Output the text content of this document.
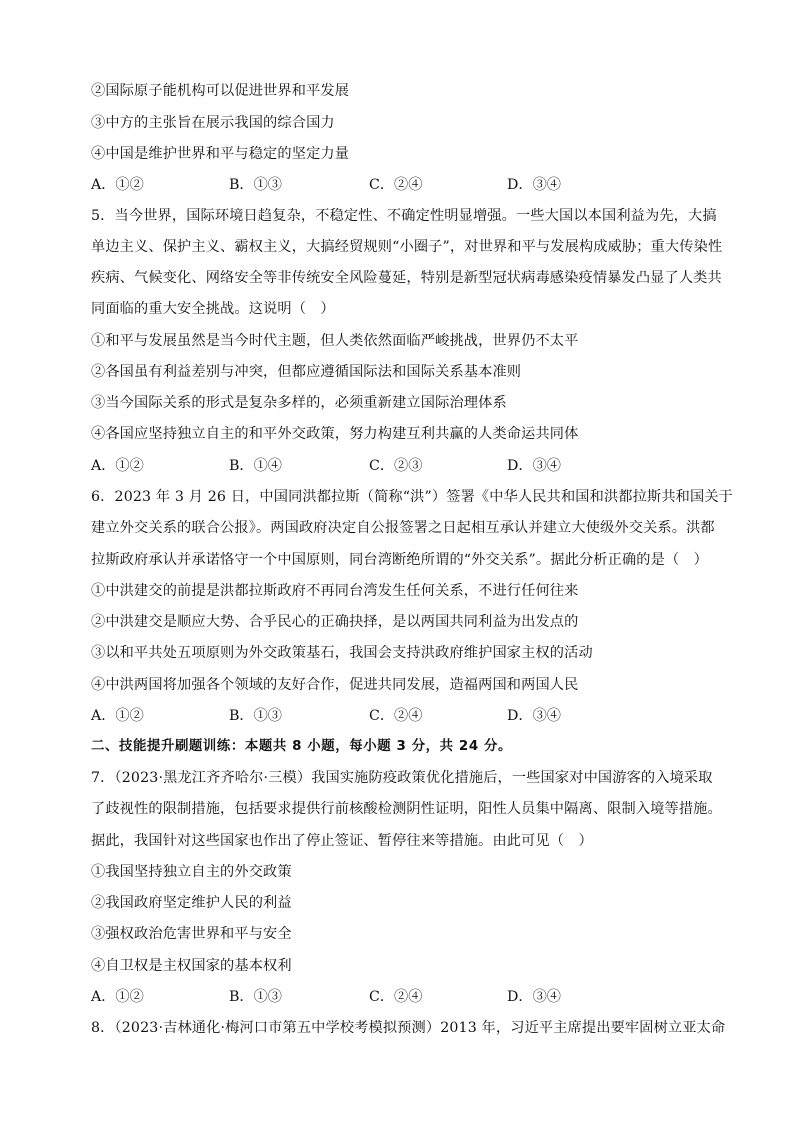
②国际原子能机构可以促进世界和平发展
③中方的主张旨在展示我国的综合国力
④中国是维护世界和平与稳定的坚定力量
A．①②	B．①③	C．②④	D．③④
5．当今世界，国际环境日趋复杂，不稳定性、不确定性明显增强。一些大国以本国利益为先，大搞
单边主义、保护主义、霸权主义，大搞经贸规则“小圈子”，对世界和平与发展构成威胁；重大传染性
疾病、气候变化、网络安全等非传统安全风险蔓延，特别是新型冠状病毒感染疫情暴发凸显了人类共
同面临的重大安全挑战。这说明（　）
①和平与发展虽然是当今时代主题，但人类依然面临严峻挑战，世界仍不太平
②各国虽有利益差别与冲突，但都应遵循国际法和国际关系基本准则
③当今国际关系的形式是复杂多样的，必须重新建立国际治理体系
④各国应坚持独立自主的和平外交政策，努力构建互利共赢的人类命运共同体
A．①②	B．①④	C．②③	D．③④
6．2023 年 3 月 26 日，中国同洪都拉斯（简称“洪”）签署《中华人民共和国和洪都拉斯共和国关于
建立外交关系的联合公报》。两国政府决定自公报签署之日起相互承认并建立大使级外交关系。洪都
拉斯政府承认并承诺恪守一个中国原则，同台湾断绝所谓的“外交关系”。据此分析正确的是（　）
①中洪建交的前提是洪都拉斯政府不再同台湾发生任何关系，不进行任何往来
②中洪建交是顺应大势、合乎民心的正确抉择，是以两国共同利益为出发点的
③以和平共处五项原则为外交政策基石，我国会支持洪政府维护国家主权的活动
④中洪两国将加强各个领域的友好合作，促进共同发展，造福两国和两国人民
A．①②	B．①③	C．②④	D．③④
二、技能提升刷题训练：本题共 8 小题，每小题 3 分，共 24 分。
7．（2023·黑龙江齐齐哈尔·三模）我国实施防疫政策优化措施后，一些国家对中国游客的入境采取
了歧视性的限制措施，包括要求提供行前核酸检测阴性证明，阳性人员集中隔离、限制入境等措施。
据此，我国针对这些国家也作出了停止签证、暂停往来等措施。由此可见（　）
①我国坚持独立自主的外交政策
②我国政府坚定维护人民的利益
③强权政治危害世界和平与安全
④自卫权是主权国家的基本权利
A．①②	B．①③	C．②④	D．③④
8．（2023·吉林通化·梅河口市第五中学校考模拟预测）2013 年，习近平主席提出要牢固树立亚太命
